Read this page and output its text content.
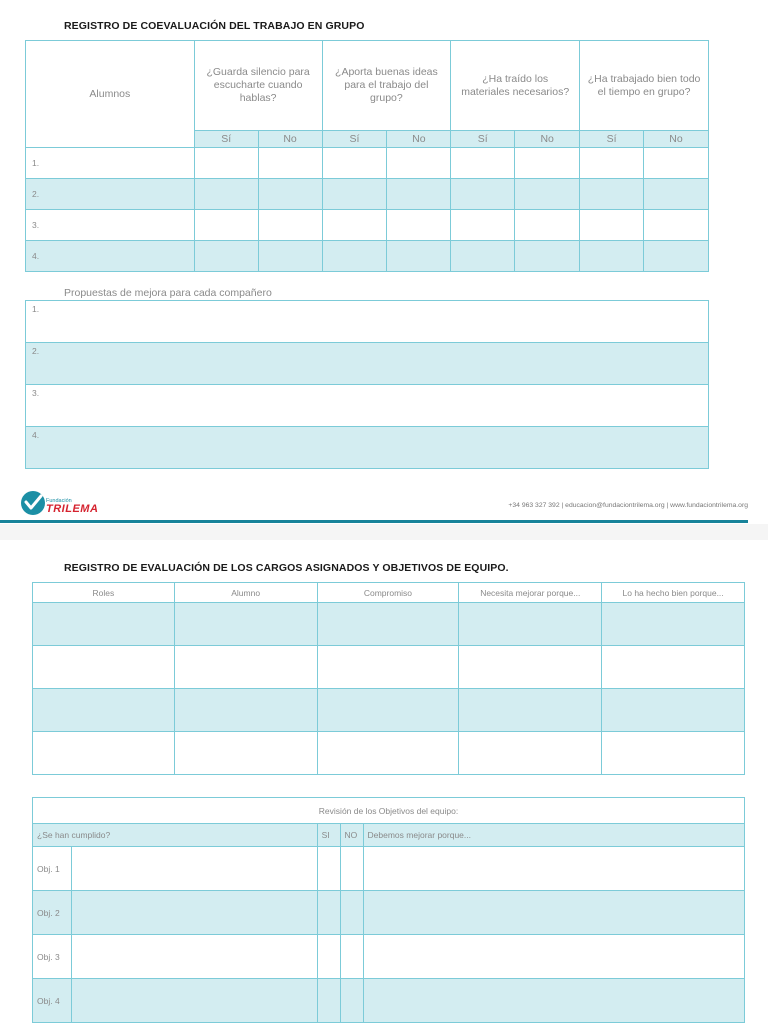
REGISTRO DE COEVALUACIÓN DEL TRABAJO EN GRUPO
Alumnos	¿Guarda silencio para escucharte cuando hablas?		¿Aporta buenas ideas para el trabajo del grupo?		¿Ha traído los materiales necesarios?		¿Ha trabajado bien todo el tiempo en grupo?	
	Sí	No	Sí	No	Sí	No	Sí	No
1.								
2.								
3.								
4.								
Propuestas de mejora para cada compañero
1.
2.
3.
4.
Fundación
TRILEMA	+34 963 327 392 | educacion@fundaciontrilema.org | www.fundaciontrilema.org
REGISTRO DE EVALUACIÓN DE LOS CARGOS ASIGNADOS Y OBJETIVOS DE EQUIPO.
Roles	Alumno	Compromiso	Necesita mejorar porque...	Lo ha hecho bien porque...

Revisión de los Objetivos del equipo:				
¿Se han cumplido?		SI	NO	Debemos mejorar porque...
Obj. 1				
Obj. 2				
Obj. 3				
Obj. 4				
